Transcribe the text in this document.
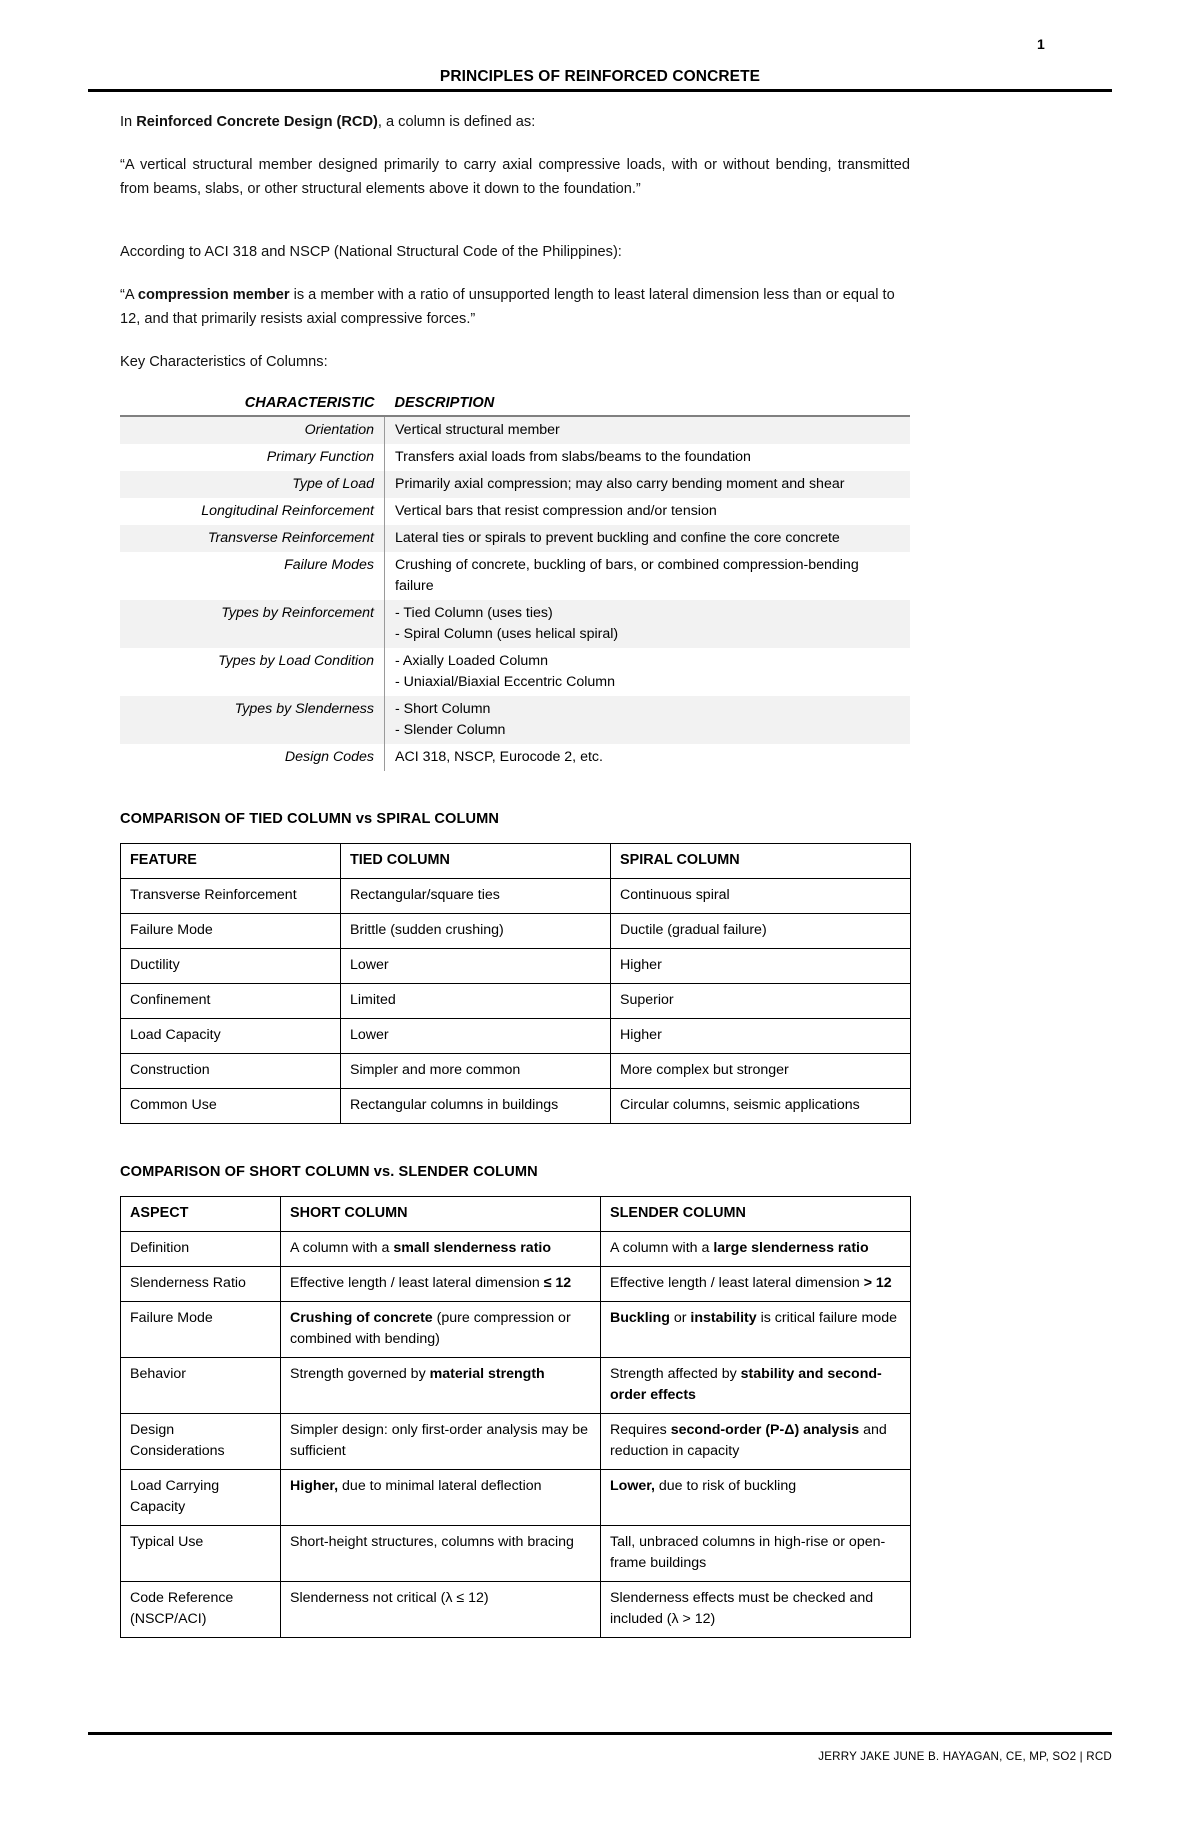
1
PRINCIPLES OF REINFORCED CONCRETE

In Reinforced Concrete Design (RCD), a column is defined as:

“A vertical structural member designed primarily to carry axial compressive loads, with or without bending, transmitted from beams, slabs, or other structural elements above it down to the foundation.”

According to ACI 318 and NSCP (National Structural Code of the Philippines):

“A compression member is a member with a ratio of unsupported length to least lateral dimension less than or equal to 12, and that primarily resists axial compressive forces.”

Key Characteristics of Columns:

CHARACTERISTIC	DESCRIPTION
Orientation	Vertical structural member
Primary Function	Transfers axial loads from slabs/beams to the foundation
Type of Load	Primarily axial compression; may also carry bending moment and shear
Longitudinal Reinforcement	Vertical bars that resist compression and/or tension
Transverse Reinforcement	Lateral ties or spirals to prevent buckling and confine the core concrete
Failure Modes	Crushing of concrete, buckling of bars, or combined compression-bending failure
Types by Reinforcement	- Tied Column (uses ties)
- Spiral Column (uses helical spiral)
Types by Load Condition	- Axially Loaded Column
- Uniaxial/Biaxial Eccentric Column
Types by Slenderness	- Short Column
- Slender Column
Design Codes	ACI 318, NSCP, Eurocode 2, etc.
COMPARISON OF TIED COLUMN vs SPIRAL COLUMN
FEATURE	TIED COLUMN	SPIRAL COLUMN
Transverse Reinforcement	Rectangular/square ties	Continuous spiral
Failure Mode	Brittle (sudden crushing)	Ductile (gradual failure)
Ductility	Lower	Higher
Confinement	Limited	Superior
Load Capacity	Lower	Higher
Construction	Simpler and more common	More complex but stronger
Common Use	Rectangular columns in buildings	Circular columns, seismic applications
COMPARISON OF SHORT COLUMN vs. SLENDER COLUMN
ASPECT	SHORT COLUMN	SLENDER COLUMN
Definition	A column with a small slenderness ratio	A column with a large slenderness ratio
Slenderness Ratio	Effective length / least lateral dimension ≤ 12	Effective length / least lateral dimension > 12
Failure Mode	Crushing of concrete (pure compression or combined with bending)	Buckling or instability is critical failure mode
Behavior	Strength governed by material strength	Strength affected by stability and second-order effects
Design Considerations	Simpler design: only first-order analysis may be sufficient	Requires second-order (P-Δ) analysis and reduction in capacity
Load Carrying Capacity	Higher, due to minimal lateral deflection	Lower, due to risk of buckling
Typical Use	Short-height structures, columns with bracing	Tall, unbraced columns in high-rise or open-frame buildings
Code Reference (NSCP/ACI)	Slenderness not critical (λ ≤ 12)	Slenderness effects must be checked and included (λ > 12)
JERRY JAKE JUNE B. HAYAGAN, CE, MP, SO2 | RCD
